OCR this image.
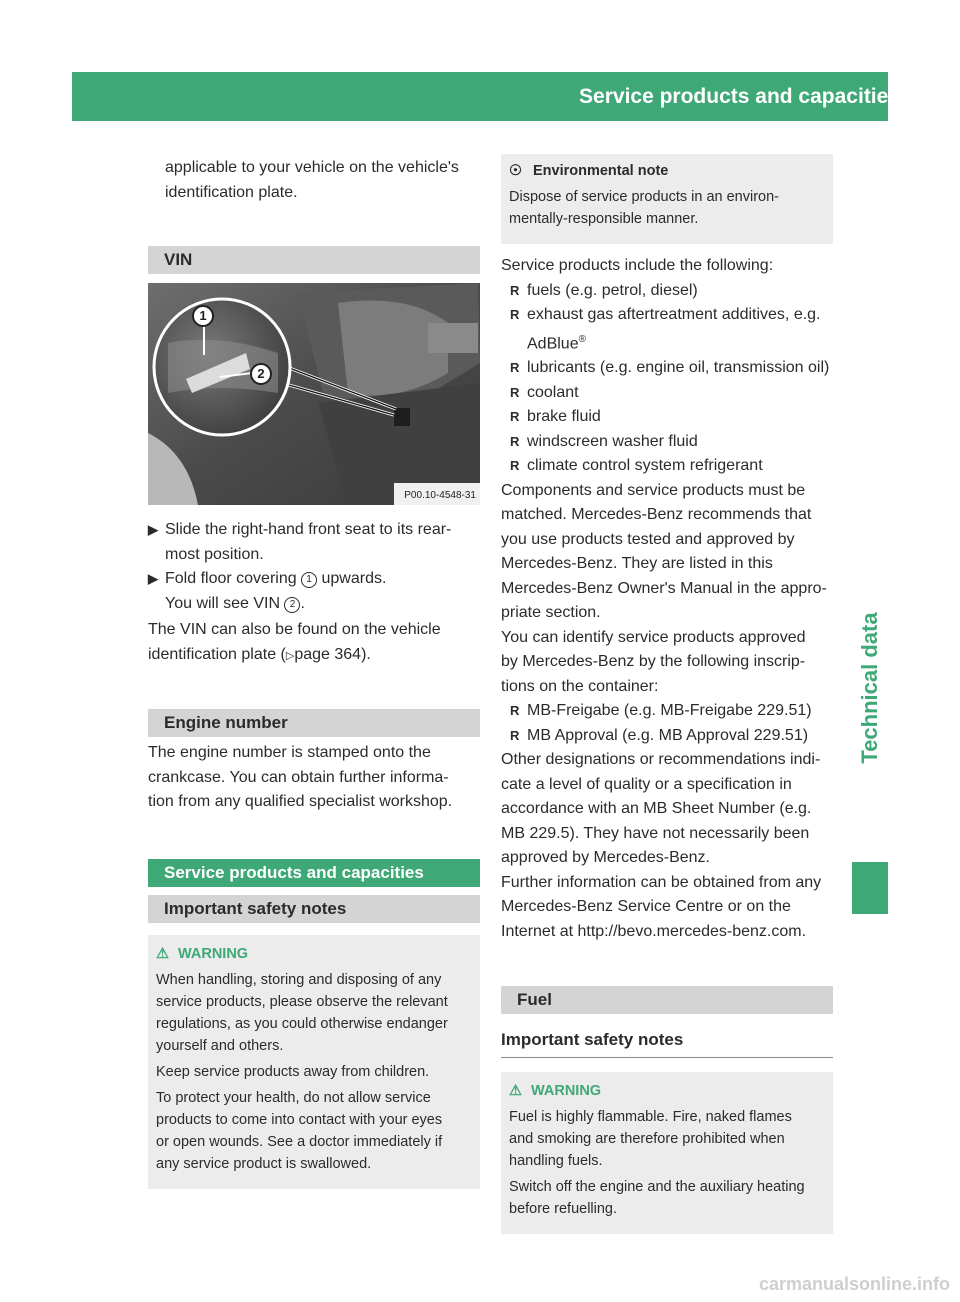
Service products and capacities	365
Technical data

applicable to your vehicle on the vehicle's

identification plate.

VIN
P00.10-4548-31
1
2
▶ Slide the right-hand front seat to its rear-

most position.

▶ Fold floor covering 1 upwards.

You will see VIN 2 .

The VIN can also be found on the vehicle

identification plate (▷page 364).

Engine number

The engine number is stamped onto the

crankcase. You can obtain further informa-

tion from any qualified specialist workshop.

Service products and capacities
Important safety notes

⚠ WARNING

When handling, storing and disposing of any
service products, please observe the relevant
regulations, as you could otherwise endanger
yourself and others.

Keep service products away from children.

To protect your health, do not allow service
products to come into contact with your eyes
or open wounds. See a doctor immediately if
any service product is swallowed.

☉ Environmental note

Dispose of service products in an environ-
mentally-responsible manner.

Service products include the following:

R fuels (e.g. petrol, diesel)

R exhaust gas aftertreatment additives, e.g.

AdBlue®

R lubricants (e.g. engine oil, transmission oil)

R coolant

R brake fluid

R windscreen washer fluid

R climate control system refrigerant

Components and service products must be
matched. Mercedes-Benz recommends that
you use products tested and approved by
Mercedes-Benz. They are listed in this
Mercedes-Benz Owner's Manual in the appro-
priate section.

You can identify service products approved
by Mercedes-Benz by the following inscrip-
tions on the container:

R MB-Freigabe (e.g. MB-Freigabe 229.51)

R MB Approval (e.g. MB Approval 229.51)

Other designations or recommendations indi-
cate a level of quality or a specification in
accordance with an MB Sheet Number (e.g.
MB 229.5). They have not necessarily been
approved by Mercedes-Benz.

Further information can be obtained from any
Mercedes-Benz Service Centre or on the
Internet at http://bevo.mercedes-benz.com.

Fuel
Important safety notes

⚠ WARNING

Fuel is highly flammable. Fire, naked flames
and smoking are therefore prohibited when
handling fuels.

Switch off the engine and the auxiliary heating
before refuelling.

carmanualsonline.info
